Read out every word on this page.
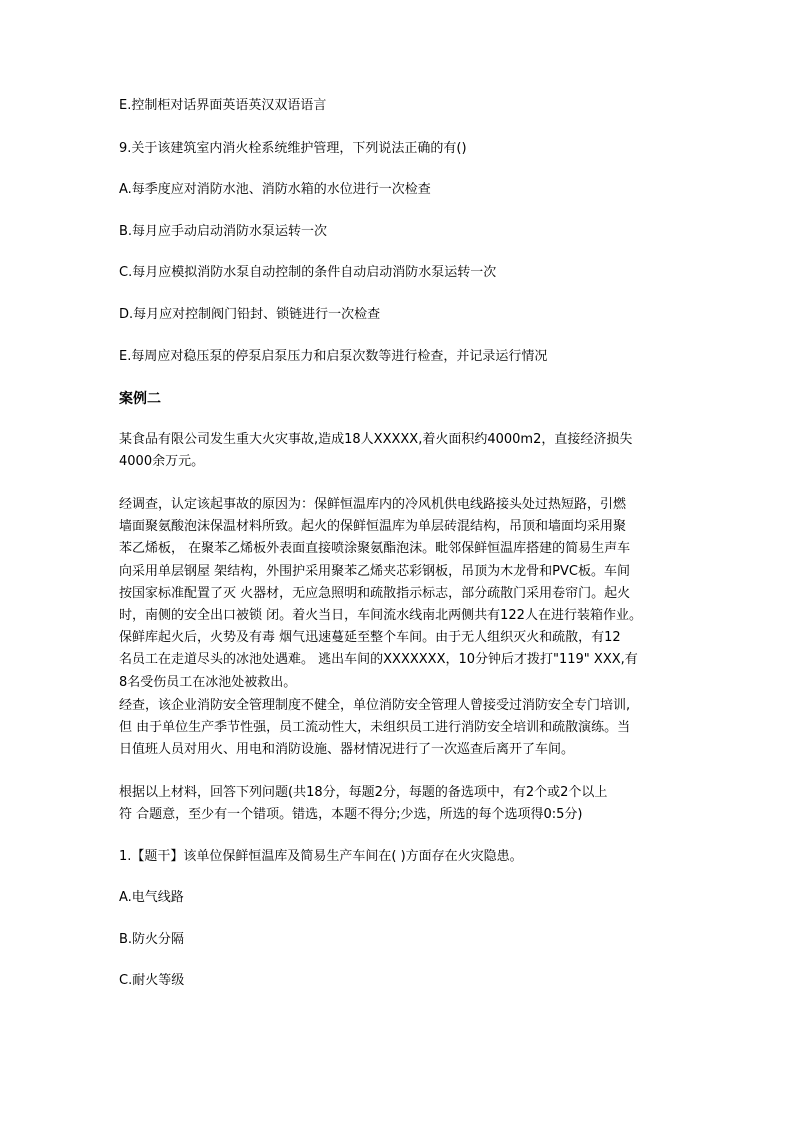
E.控制柜对话界面英语英汉双语语言
9.关于该建筑室内消火栓系统维护管理，下列说法正确的有()
A.每季度应对消防水池、消防水箱的水位进行一次检查
B.每月应手动启动消防水泵运转一次
C.每月应模拟消防水泵自动控制的条件自动启动消防水泵运转一次
D.每月应对控制阀门铅封、锁链进行一次检查
E.每周应对稳压泵的停泵启泵压力和启泵次数等进行检查，并记录运行情况
案例二
某食品有限公司发生重大火灾事故,造成18人XXXXX,着火面积约4000m2，直接经济损失
4000余万元。
经调查，认定该起事故的原因为：保鲜恒温库内的冷风机供电线路接头处过热短路，引燃
墙面聚氨酸泡沫保温材料所致。起火的保鲜恒温库为单层砖混结构，吊顶和墙面均采用聚
苯乙烯板， 在聚苯乙烯板外表面直接喷涂聚氨酯泡沫。毗邻保鲜恒温库搭建的简易生声车
向采用单层钢屋 架结构，外围护采用聚苯乙烯夹芯彩钢板，吊顶为木龙骨和PVC板。车间
按国家标准配置了灭 火器材，无应急照明和疏散指示标志，部分疏散门采用卷帘门。起火
时，南侧的安全出口被锁 闭。着火当日，车间流水线南北两侧共有122人在进行装箱作业。
保鲜库起火后，火势及有毒 烟气迅速蔓延至整个车间。由于无人组织灭火和疏散，有12
名员工在走道尽头的冰池处遇难。 逃出车间的XXXXXXX，10分钟后才拨打"119" XXX,有
8名受伤员工在冰池处被救出。
经查，该企业消防安全管理制度不健全，单位消防安全管理人曾接受过消防安全专门培训,
但 由于单位生产季节性强，员工流动性大，未组织员工进行消防安全培训和疏散演练。当
日值班人员对用火、用电和消防设施、器材情况进行了一次巡查后离开了车间。
根据以上材料，回答下列问题(共18分，每题2分，每题的备选项中，有2个或2个以上
符 合题意，至少有一个错项。错选，本题不得分;少选，所选的每个选项得0:5分)
1.【题干】该单位保鲜恒温库及简易生产车间在( )方面存在火灾隐患。
A.电气线路
B.防火分隔
C.耐火等级
